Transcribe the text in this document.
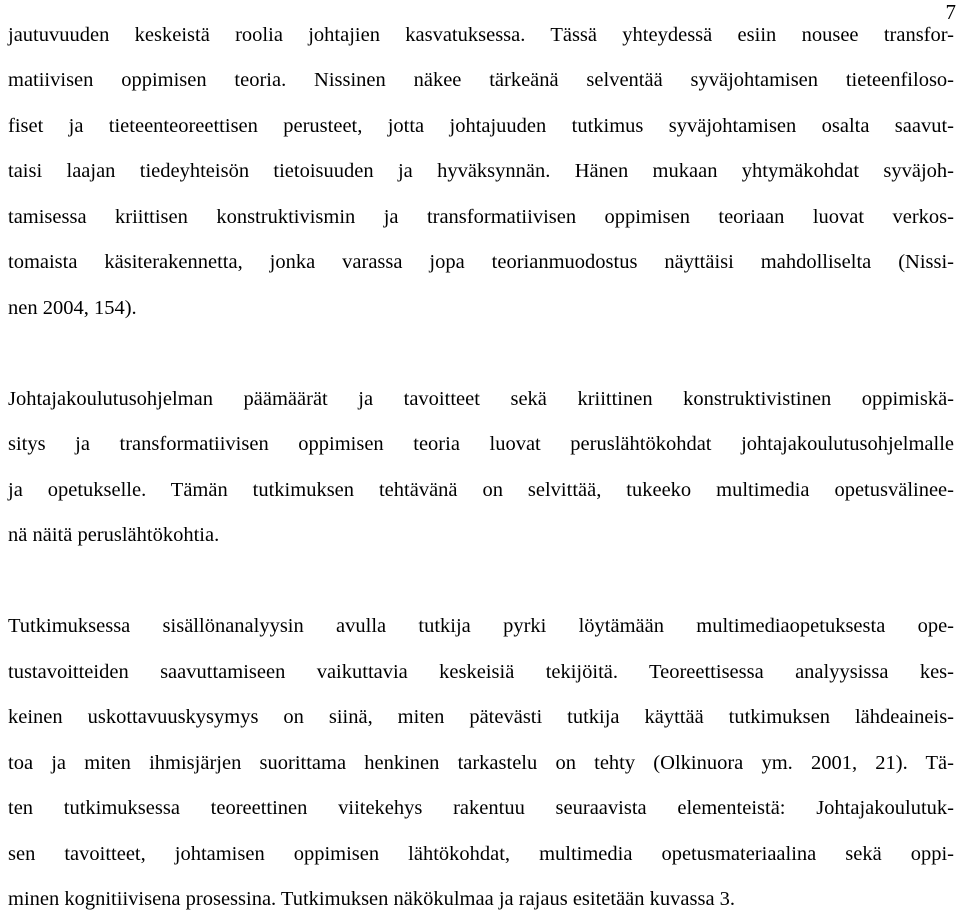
7
jautuvuuden keskeistä roolia johtajien kasvatuksessa. Tässä yhteydessä esiin nousee transfor-
matiivisen oppimisen teoria. Nissinen näkee tärkeänä selventää syväjohtamisen tieteenfiloso-
fiset ja tieteenteoreettisen perusteet, jotta johtajuuden tutkimus syväjohtamisen osalta saavut-
taisi laajan tiedeyhteisön tietoisuuden ja hyväksynnän. Hänen mukaan yhtymäkohdat syväjoh-
tamisessa kriittisen konstruktivismin ja transformatiivisen oppimisen teoriaan luovat verkos-
tomaista käsiterakennetta, jonka varassa jopa teorianmuodostus näyttäisi mahdolliselta (Nissi-
nen 2004, 154).
Johtajakoulutusohjelman päämäärät ja tavoitteet sekä kriittinen konstruktivistinen oppimiskä-
sitys ja transformatiivisen oppimisen teoria luovat peruslähtökohdat johtajakoulutusohjelmalle
ja opetukselle. Tämän tutkimuksen tehtävänä on selvittää, tukeeko multimedia opetusvälinee-
nä näitä peruslähtökohtia.
Tutkimuksessa sisällönanalyysin avulla tutkija pyrki löytämään multimediaopetuksesta ope-
tustavoitteiden saavuttamiseen vaikuttavia keskeisiä tekijöitä. Teoreettisessa analyysissa kes-
keinen uskottavuuskysymys on siinä, miten pätevästi tutkija käyttää tutkimuksen lähdeaineis-
toa ja miten ihmisjärjen suorittama henkinen tarkastelu on tehty (Olkinuora ym. 2001, 21). Tä-
ten tutkimuksessa teoreettinen viitekehys rakentuu seuraavista elementeistä: Johtajakoulutuk-
sen tavoitteet, johtamisen oppimisen lähtökohdat, multimedia opetusmateriaalina sekä oppi-
minen kognitiivisena prosessina. Tutkimuksen näkökulmaa ja rajaus esitetään kuvassa 3.
